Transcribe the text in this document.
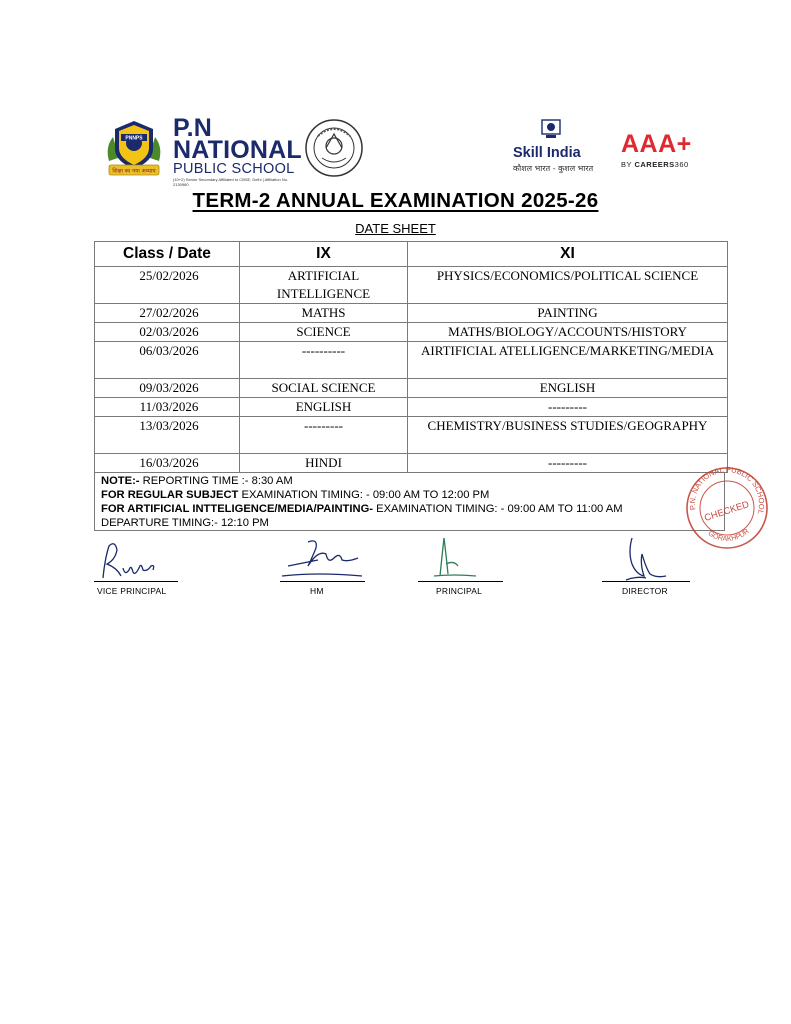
PNNPS
शिक्षा का नया अध्याय
P.N
NATIONAL
PUBLIC SCHOOL
(10+2) Senior Secondary Affiliated to CBSE, Delhi | Affiliation No. 2130960
Skill India
कौशल भारत - कुशल भारत
AAA+
BY CAREERS360
TERM-2 ANNUAL EXAMINATION 2025-26
DATE SHEET
Class / Date	IX	XI
25/02/2026	ARTIFICIAL INTELLIGENCE	PHYSICS/ECONOMICS/POLITICAL SCIENCE
27/02/2026	MATHS	PAINTING
02/03/2026	SCIENCE	MATHS/BIOLOGY/ACCOUNTS/HISTORY
06/03/2026	----------	AIRTIFICIAL ATELLIGENCE/MARKETING/MEDIA
09/03/2026	SOCIAL SCIENCE	ENGLISH
11/03/2026	ENGLISH	---------
13/03/2026	---------	CHEMISTRY/BUSINESS STUDIES/GEOGRAPHY
16/03/2026	HINDI	---------
NOTE:- REPORTING TIME :- 8:30 AM
FOR REGULAR SUBJECT EXAMINATION TIMING: - 09:00 AM TO 12:00 PM
FOR ARTIFICIAL INTTELIGENCE/MEDIA/PAINTING- EXAMINATION TIMING: - 09:00 AM TO 11:00 AM
DEPARTURE TIMING:- 12:10 PM
P.N. NATIONAL PUBLIC SCHOOL
GORAKHPUR
CHECKED
VICE PRINCIPAL	HM	PRINCIPAL	DIRECTOR
